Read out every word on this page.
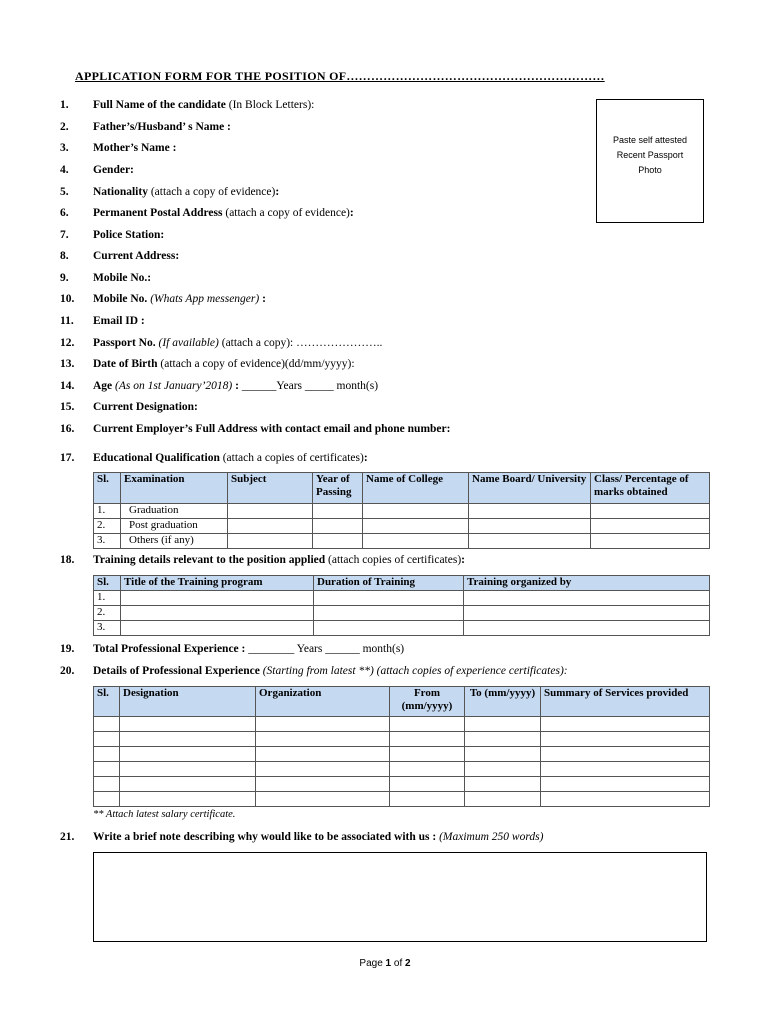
APPLICATION FORM FOR THE POSITION OF………………………………………………………
Paste self attested
Recent Passport
Photo
1. Full Name of the candidate (In Block Letters):
2. Father’s/Husband’ s Name :
3. Mother’s Name :
4. Gender:
5. Nationality (attach a copy of evidence):
6. Permanent Postal Address (attach a copy of evidence):
7. Police Station:
8. Current Address:
9. Mobile No.:
10. Mobile No. (Whats App messenger) :
11. Email ID :
12. Passport No. (If available) (attach a copy): …………………..
13. Date of Birth (attach a copy of evidence)(dd/mm/yyyy):
14. Age (As on 1st January’2018) : ______Years _____ month(s)
15. Current Designation:
16. Current Employer’s Full Address with contact email and phone number:
17. Educational Qualification (attach a copies of certificates):
Sl.	Examination	Subject	Year of Passing	Name of College	Name Board/ University	Class/ Percentage of marks obtained
1.	Graduation					
2.	Post graduation					
3.	Others (if any)					
18. Training details relevant to the position applied (attach copies of certificates):
Sl.	Title of the Training program	Duration of Training	Training organized by
1.			
2.			
3.			
19. Total Professional Experience : ________ Years ______ month(s)
20. Details of Professional Experience (Starting from latest **) (attach copies of experience certificates):
Sl.	Designation	Organization	From (mm/yyyy)	To (mm/yyyy)	Summary of Services provided

** Attach latest salary certificate.
21. Write a brief note describing why would like to be associated with us : (Maximum 250 words)
Page 1 of 2
